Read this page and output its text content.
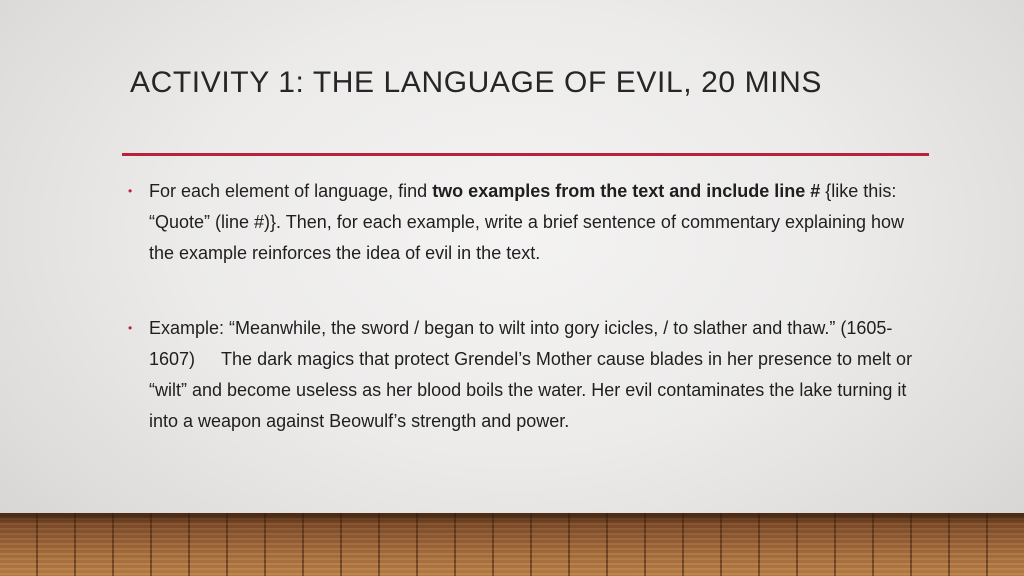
ACTIVITY 1: THE LANGUAGE OF EVIL, 20 MINS

• For each element of language, find two examples from the text and include line # {like this: “Quote” (line #)}. Then, for each example, write a brief sentence of commentary explaining how the example reinforces the idea of evil in the text.

• Example: “Meanwhile, the sword / began to wilt into gory icicles, / to slather and thaw.” (1605-1607) The dark magics that protect Grendel’s Mother cause blades in her presence to melt or “wilt” and become useless as her blood boils the water. Her evil contaminates the lake turning it into a weapon against Beowulf’s strength and power.
